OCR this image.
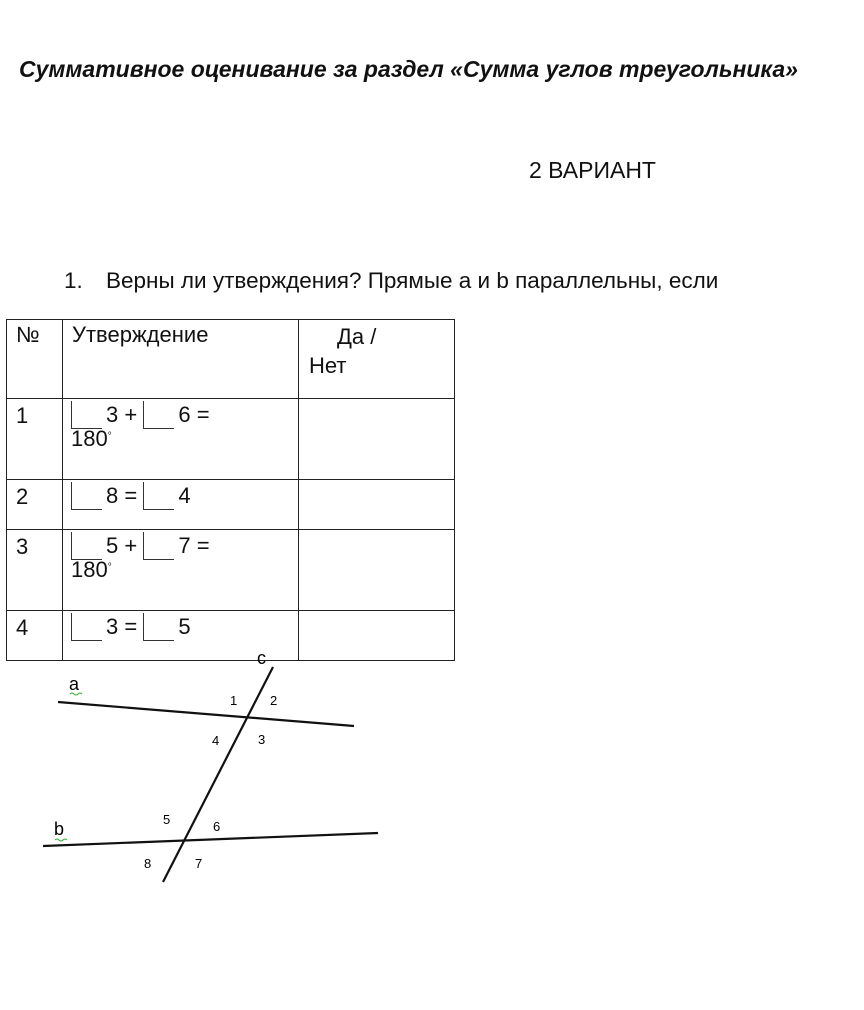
Суммативное оценивание за раздел «Сумма углов треугольника»
2 ВАРИАНТ
1. Верны ли утверждения? Прямые a и b параллельны, если
№	Утверждение	Да /
Нет

1	3 + 6 =
180°

2	8 = 4	

3	5 + 7 =
180°

4	3 = 5	

a
b
c
1	2
3
4
5	6
7
8
